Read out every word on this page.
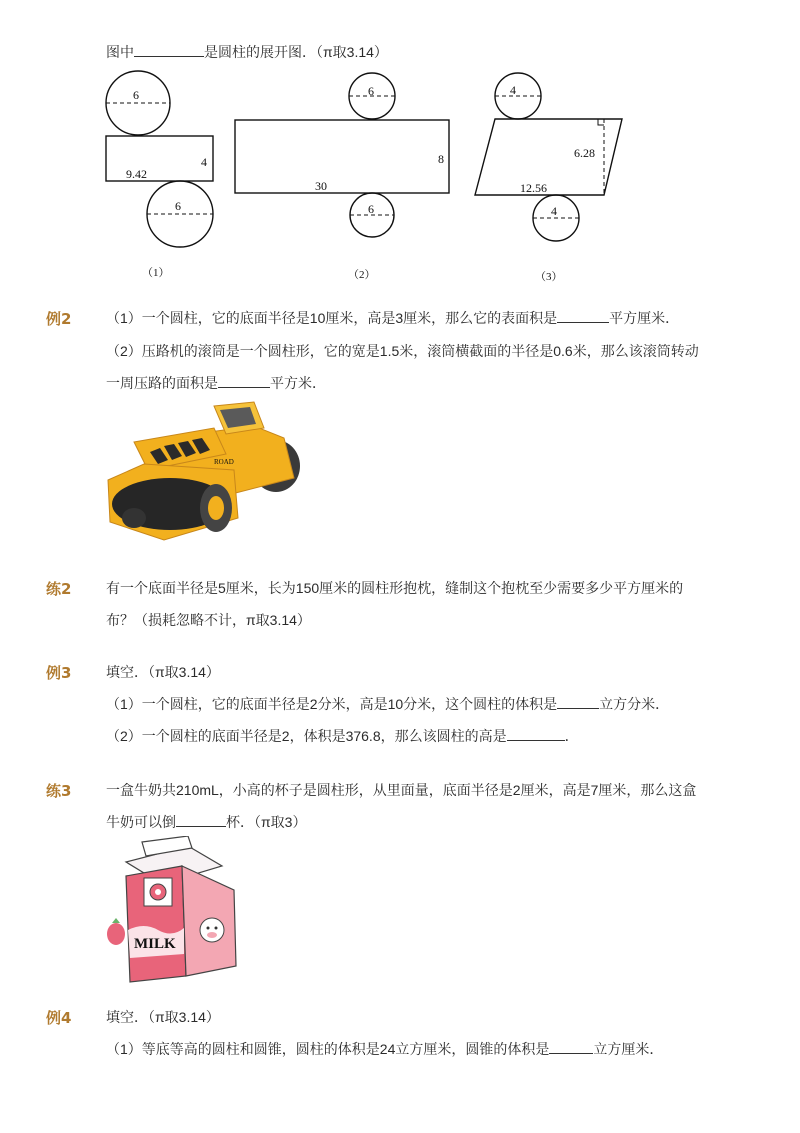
图中	是圆柱的展开图．（π取3.14）
6
9.42
4
6
（1）
6
30
8
6
（2）
4
6.28
12.56
4
（3）
例2 （1）一个圆柱，它的底面半径是10厘米，高是3厘米，那么它的表面积是	平方厘米．
（2）压路机的滚筒是一个圆柱形，它的宽是1.5米，滚筒横截面的半径是0.6米，那么该滚筒转动
一周压路的面积是	平方米．
ROAD
练2 有一个底面半径是5厘米，长为150厘米的圆柱形抱枕，缝制这个抱枕至少需要多少平方厘米的
布？（损耗忽略不计，π取3.14）
例3 填空．（π取3.14）
（1）一个圆柱，它的底面半径是2分米，高是10分米，这个圆柱的体积是	立方分米．
（2）一个圆柱的底面半径是2，体积是376.8，那么该圆柱的高是	．
练3 一盒牛奶共210mL，小高的杯子是圆柱形，从里面量，底面半径是2厘米，高是7厘米，那么这盒
牛奶可以倒	杯．（π取3）
MILK
例4 填空．（π取3.14）
（1）等底等高的圆柱和圆锥，圆柱的体积是24立方厘米，圆锥的体积是	立方厘米．
